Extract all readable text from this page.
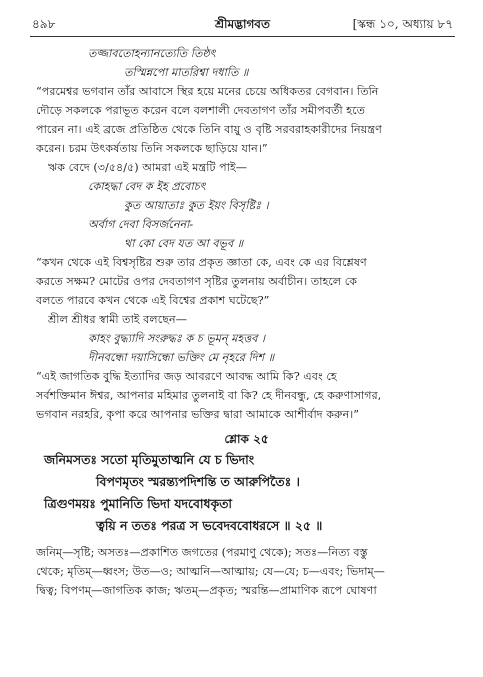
৪৯৮	শ্রীমদ্ভাগবত	[স্কন্ধ ১০, অধ্যায় ৮৭
তজ্জাবতোহন্যানত্যেতি তিষ্ঠৎ
তস্মিন্নপো মাতরিশ্বা দধাতি ॥
“পরমেশ্বর ভগবান তাঁর আবাসে স্থির হয়ে মনের চেয়ে অধিকতর বেগবান। তিনি
দৌড়ে সকলকে পরাভূত করেন বলে বলশালী দেবতাগণ তাঁর সমীপবর্তী হতে
পারেন না। এই ব্রজে প্রতিষ্ঠিত থেকে তিনি বায়ু ও বৃষ্টি সরবরাহকারীদের নিয়ন্ত্রণ
করেন। চরম উৎকর্ষতায় তিনি সকলকে ছাড়িয়ে যান।”
ঋক বেদে (৩/৫৪/৫) আমরা এই মন্ত্রটি পাই—
কোহদ্ধা বেদ ক ইহ প্রবোচৎ
কুত আয়াতাঃ কুত ইয়ং বিসৃষ্টিঃ ।
অর্বাগ দেবা বিসর্জনেনা-
থা কো বেদ যত আ বভূব ॥
“কখন থেকে এই বিশ্বসৃষ্টির শুরু তার প্রকৃত জ্ঞাতা কে, এবং কে এর বিশ্লেষণ
করতে সক্ষম? মোটের ওপর দেবতাগণ সৃষ্টির তুলনায় অর্বাচীন। তাহলে কে
বলতে পারবে কখন থেকে এই বিশ্বের প্রকাশ ঘটেছে?”
শ্রীল শ্রীধর স্বামী তাই বলছেন—
কাহং বুদ্ধ্যাদি সংরুদ্ধঃ ক চ ভূমন্ মহত্তব ।
দীনবন্ধো দয়াসিন্ধো ভক্তিং মে নৃহরে দিশ ॥
“এই জাগতিক বুদ্ধি ইত্যাদির জড় আবরণে আবদ্ধ আমি কি? এবং হে
সর্বশক্তিমান ঈশ্বর, আপনার মহিমার তুলনাই বা কি? হে দীনবন্ধু, হে করুণাসাগর,
ভগবান নরহরি, কৃপা করে আপনার ভক্তির দ্বারা আমাকে আশীর্বাদ করুন।”
শ্লোক ২৫
জনিমসতঃ সতো মৃতিমুতাত্মনি যে চ ভিদাং
বিপণমৃতং স্মরন্ত্যপদিশন্তি ত আরুপিতৈঃ ।
ত্রিগুণময়ঃ পুমানিতি ভিদা যদবোধকৃতা
ত্বয়ি ন ততঃ পরত্র স ভবেদববোধরসে ॥ ২৫ ॥
জনিম্—সৃষ্টি; অসতঃ—প্রকাশিত জগতের (পরমাণু থেকে); সতঃ—নিত্য বস্তু
থেকে; মৃতিম্—ধ্বংস; উত—ও; আত্মনি—আত্মায়; যে—যে; চ—এবং; ভিদাম্—
দ্বিত্ব; বিপণম্—জাগতিক কাজ; ঋতম্—প্রকৃত; স্মরন্তি—প্রামাণিক রূপে ঘোষণা
